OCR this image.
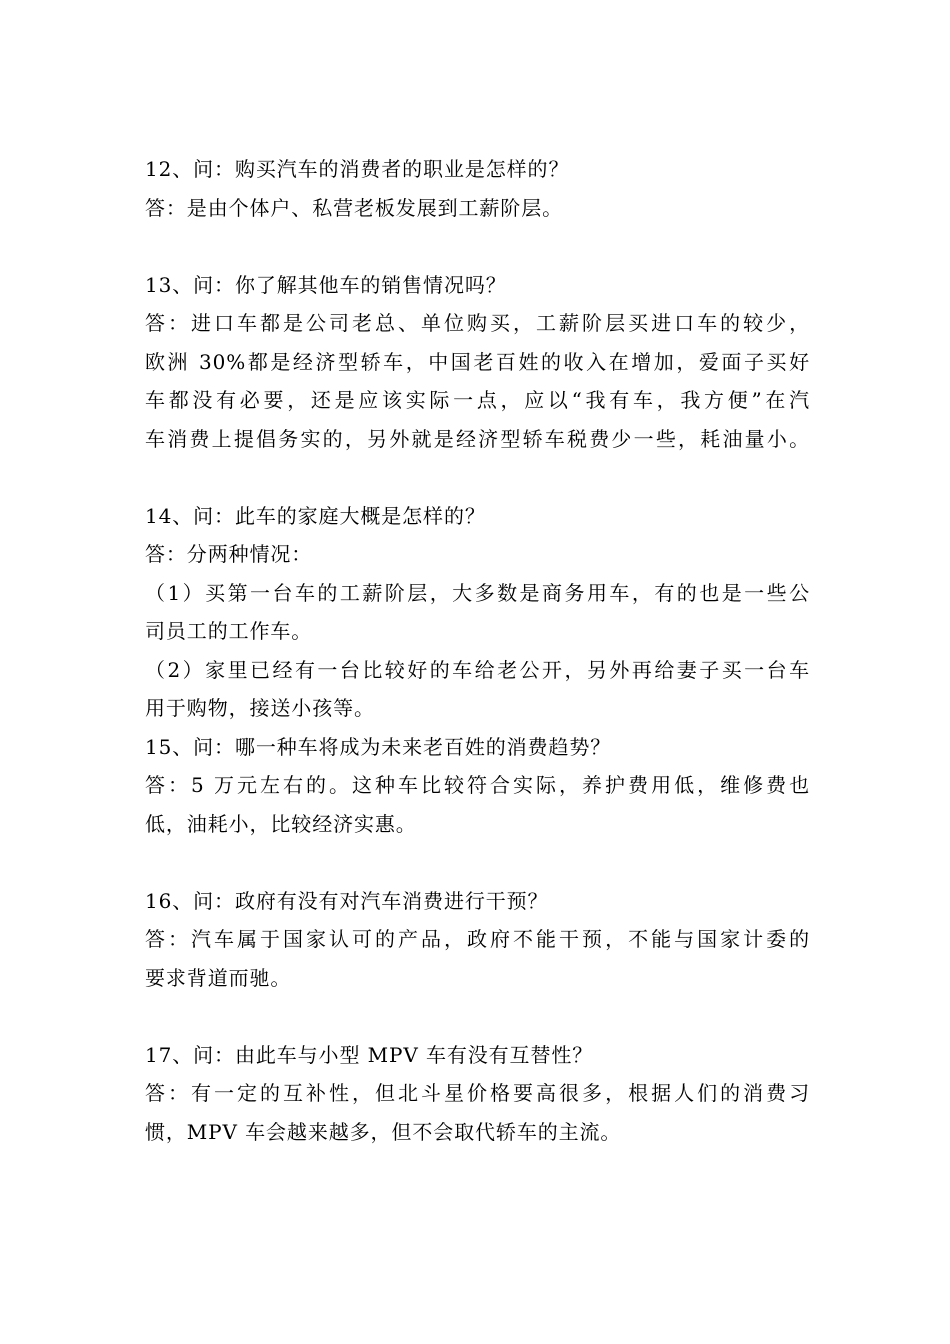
12、问：购买汽车的消费者的职业是怎样的？
答：是由个体户、私营老板发展到工薪阶层。
13、问：你了解其他车的销售情况吗？
答：进口车都是公司老总、单位购买，工薪阶层买进口车的较少，
欧洲 30%都是经济型轿车，中国老百姓的收入在增加，爱面子买好
车都没有必要，还是应该实际一点，应以“我有车，我方便”在汽
车消费上提倡务实的，另外就是经济型轿车税费少一些，耗油量小。
14、问：此车的家庭大概是怎样的？
答：分两种情况：
（1）买第一台车的工薪阶层，大多数是商务用车，有的也是一些公
司员工的工作车。
（2）家里已经有一台比较好的车给老公开，另外再给妻子买一台车
用于购物，接送小孩等。
15、问：哪一种车将成为未来老百姓的消费趋势？
答：5 万元左右的。这种车比较符合实际，养护费用低，维修费也
低，油耗小，比较经济实惠。
16、问：政府有没有对汽车消费进行干预？
答：汽车属于国家认可的产品，政府不能干预，不能与国家计委的
要求背道而驰。
17、问：由此车与小型 MPV 车有没有互替性？
答：有一定的互补性，但北斗星价格要高很多，根据人们的消费习
惯，MPV 车会越来越多，但不会取代轿车的主流。
